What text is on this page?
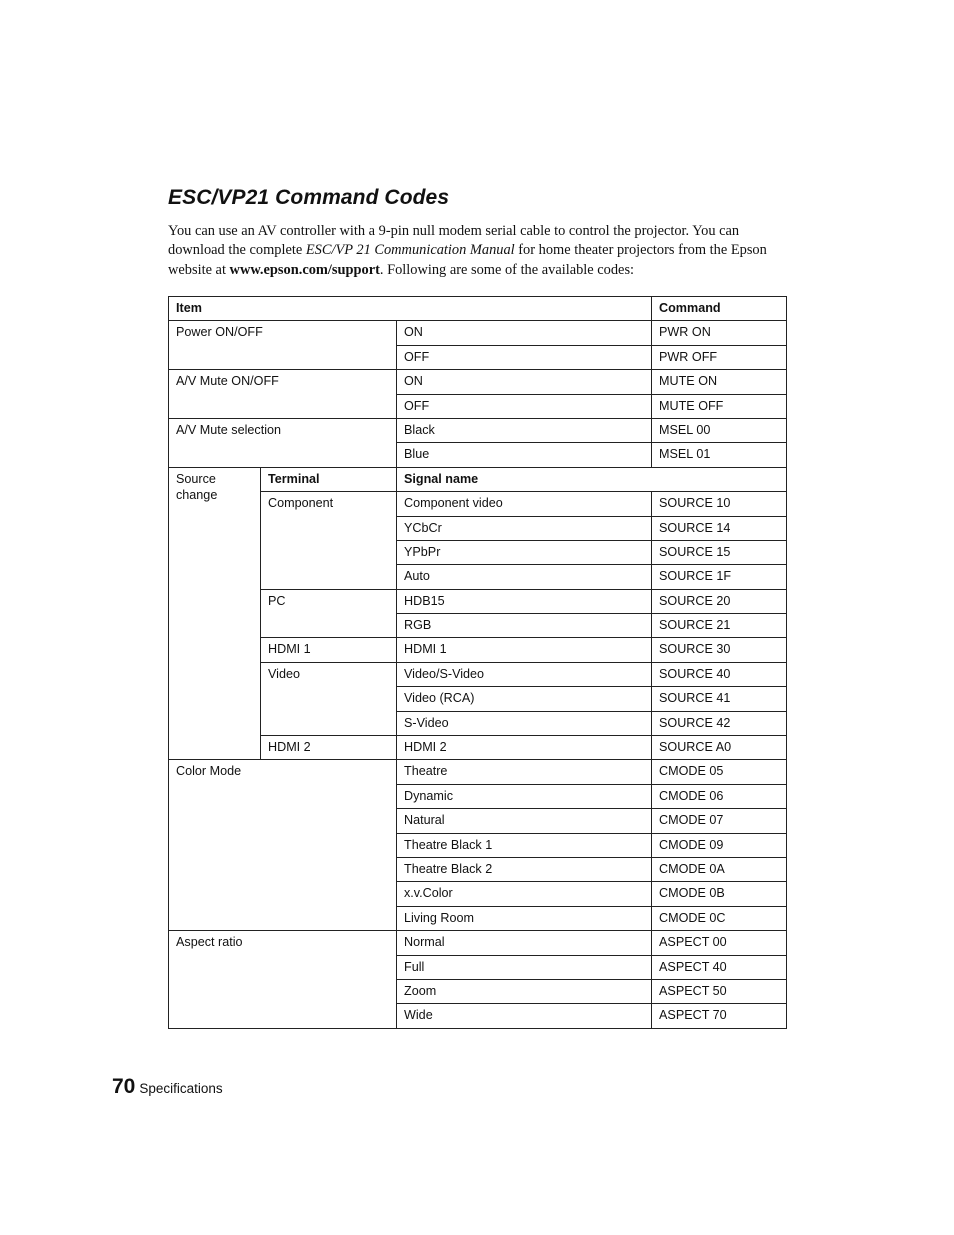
ESC/VP21 Command Codes

You can use an AV controller with a 9-pin null modem serial cable to control the projector. You can download the complete ESC/VP 21 Communication Manual for home theater projectors from the Epson website at www.epson.com/support. Following are some of the available codes:

Item			Command
Power ON/OFF		ON	PWR ON
		OFF	PWR OFF
A/V Mute ON/OFF		ON	MUTE ON
		OFF	MUTE OFF
A/V Mute selection		Black	MSEL 00
		Blue	MSEL 01
Source change	Terminal	Signal name	
	Component	Component video	SOURCE 10
		YCbCr	SOURCE 14
		YPbPr	SOURCE 15
		Auto	SOURCE 1F
	PC	HDB15	SOURCE 20
		RGB	SOURCE 21
	HDMI 1	HDMI 1	SOURCE 30
	Video	Video/S-Video	SOURCE 40
		Video (RCA)	SOURCE 41
		S-Video	SOURCE 42
	HDMI 2	HDMI 2	SOURCE A0
Color Mode		Theatre	CMODE 05
		Dynamic	CMODE 06
		Natural	CMODE 07
		Theatre Black 1	CMODE 09
		Theatre Black 2	CMODE 0A
		x.v.Color	CMODE 0B
		Living Room	CMODE 0C
Aspect ratio		Normal	ASPECT 00
		Full	ASPECT 40
		Zoom	ASPECT 50
		Wide	ASPECT 70
70 Specifications
